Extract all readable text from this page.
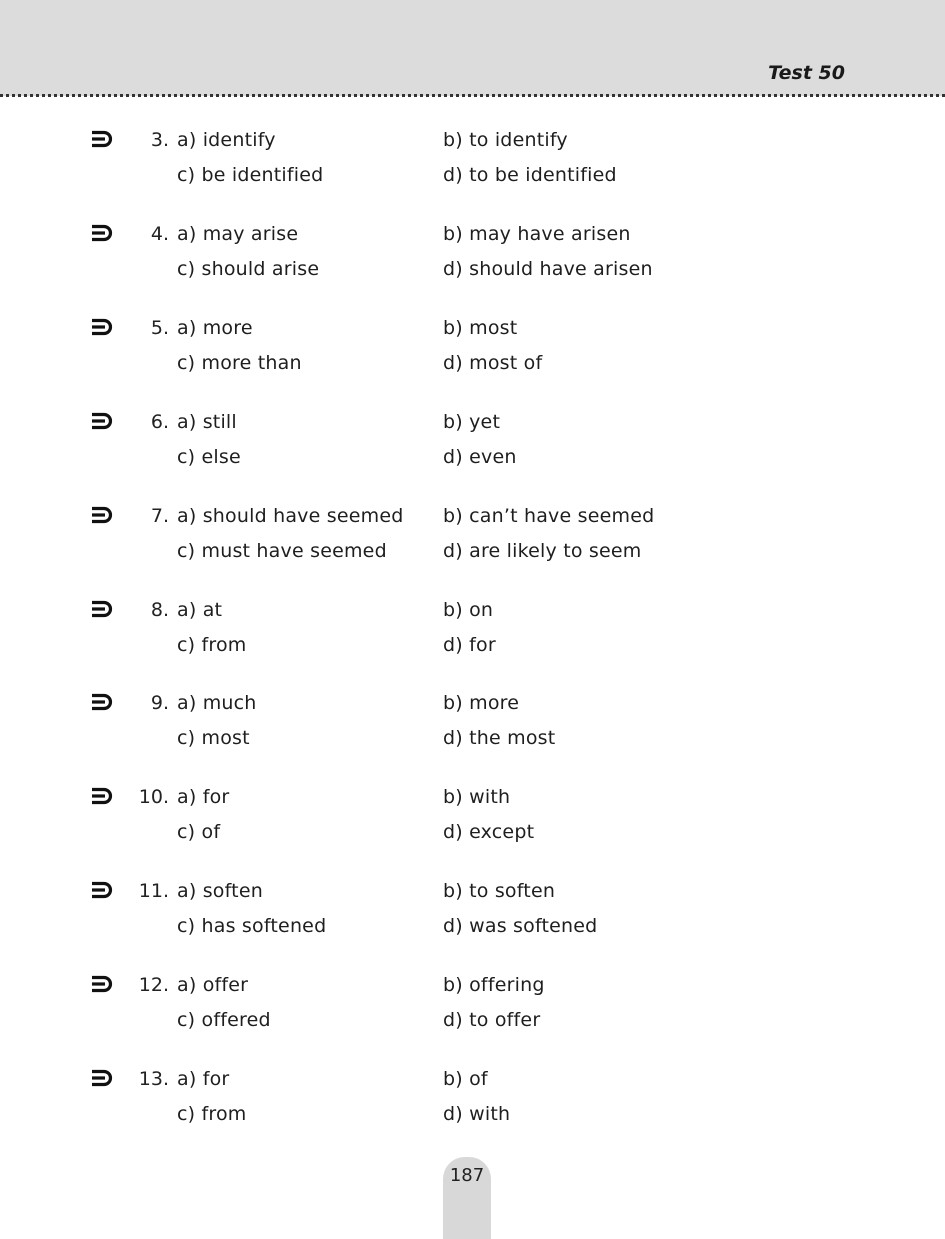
Test 50
3. a) identify	b) to identify
c) be identified	d) to be identified
4. a) may arise	b) may have arisen
c) should arise	d) should have arisen
5. a) more	b) most
c) more than	d) most of
6. a) still	b) yet
c) else	d) even
7. a) should have seemed b) can’t have seemed
c) must have seemed	d) are likely to seem
8. a) at	b) on
c) from	d) for
9. a) much	b) more
c) most	d) the most
10. a) for	b) with
c) of	d) except
11. a) soften	b) to soften
c) has softened	d) was softened
12. a) offer	b) offering
c) offered	d) to offer
13. a) for	b) of
c) from	d) with
187
